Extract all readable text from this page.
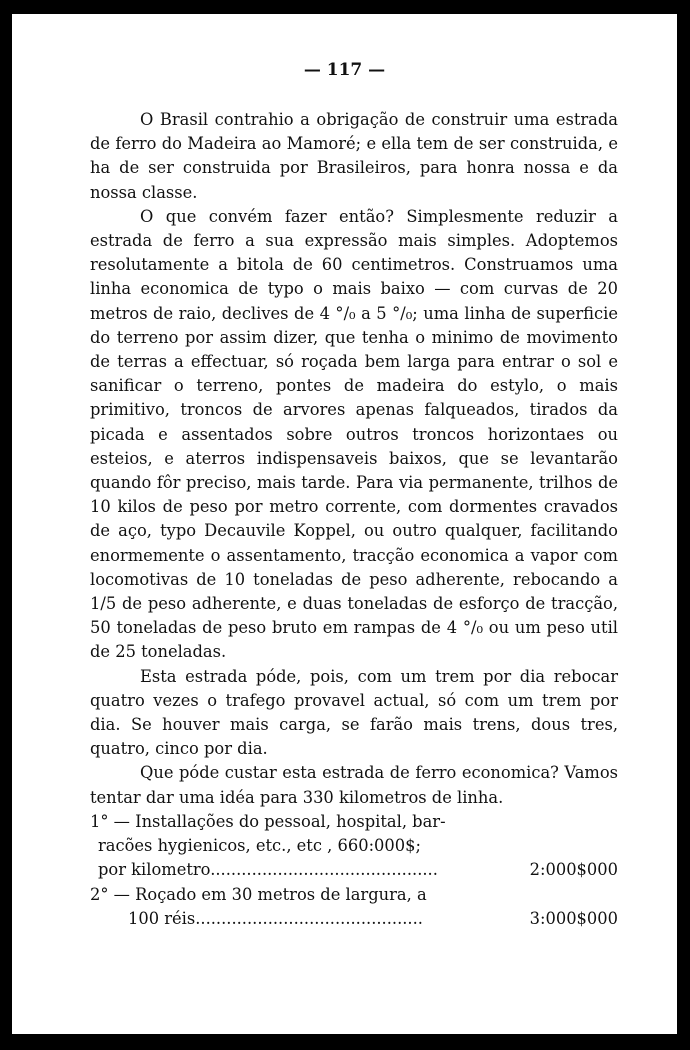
— 117 —

O Brasil contrahio a obrigação de construir uma estrada de ferro do Madeira ao Mamoré; e ella tem de ser construida, e ha de ser construida por Brasileiros, para honra nossa e da nossa classe.

O que convém fazer então? Simplesmente reduzir a estrada de ferro a sua expressão mais simples. Adoptemos resolutamente a bitola de 60 centimetros. Construamos uma linha economica de typo o mais baixo — com curvas de 20 metros de raio, declives de 4 °/₀ a 5 °/₀; uma linha de superficie do terreno por assim dizer, que tenha o minimo de movimento de terras a effectuar, só roçada bem larga para entrar o sol e sanificar o terreno, pontes de madeira do estylo, o mais primitivo, troncos de arvores apenas falqueados, tirados da picada e assentados sobre outros troncos horizontaes ou esteios, e aterros indispensaveis baixos, que se levantarão quando fôr preciso, mais tarde. Para via permanente, trilhos de 10 kilos de peso por metro corrente, com dormentes cravados de aço, typo Decauvile Koppel, ou outro qualquer, facilitando enormemente o assentamento, tracção economica a vapor com locomotivas de 10 toneladas de peso adherente, rebocando a 1/5 de peso adherente, e duas toneladas de esforço de tracção, 50 toneladas de peso bruto em rampas de 4 °/₀ ou um peso util de 25 toneladas.

Esta estrada póde, pois, com um trem por dia rebocar quatro vezes o trafego provavel actual, só com um trem por dia. Se houver mais carga, se farão mais trens, dous tres, quatro, cinco por dia.

Que póde custar esta estrada de ferro economica? Vamos tentar dar uma idéa para 330 kilometros de linha.

1° — Installações do pessoal, hospital, bar-
racões hygienicos, etc., etc , 660:000$;
por kilometro............................................	2:000$000
2° — Roçado em 30 metros de largura, a
100 réis............................................	3:000$000
